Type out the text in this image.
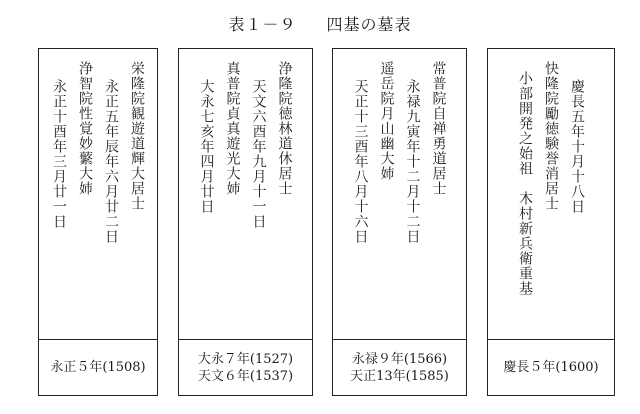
表１－９ 四基の墓表
栄隆院観遊道輝大居士
永正五年辰年六月廿二日
浄智院性覚妙蘩大姉
永正十酉年三月廿一日
永正５年(1508)
浄隆院徳林道休居士
天文六酉年九月十一日
真普院貞真遊光大姉
大永七亥年四月廿日
大永７年(1527)
天文６年(1537)
常普院自禅勇道居士
永禄九寅年十二月十二日
遥岳院月山幽大姉
天正十三酉年八月十六日
永禄９年(1566)
天正13年(1585)
慶長五年十月十八日
快隆院勵徳験誉消居士
小部開発之始祖　木村新兵衛重基
慶長５年(1600)
